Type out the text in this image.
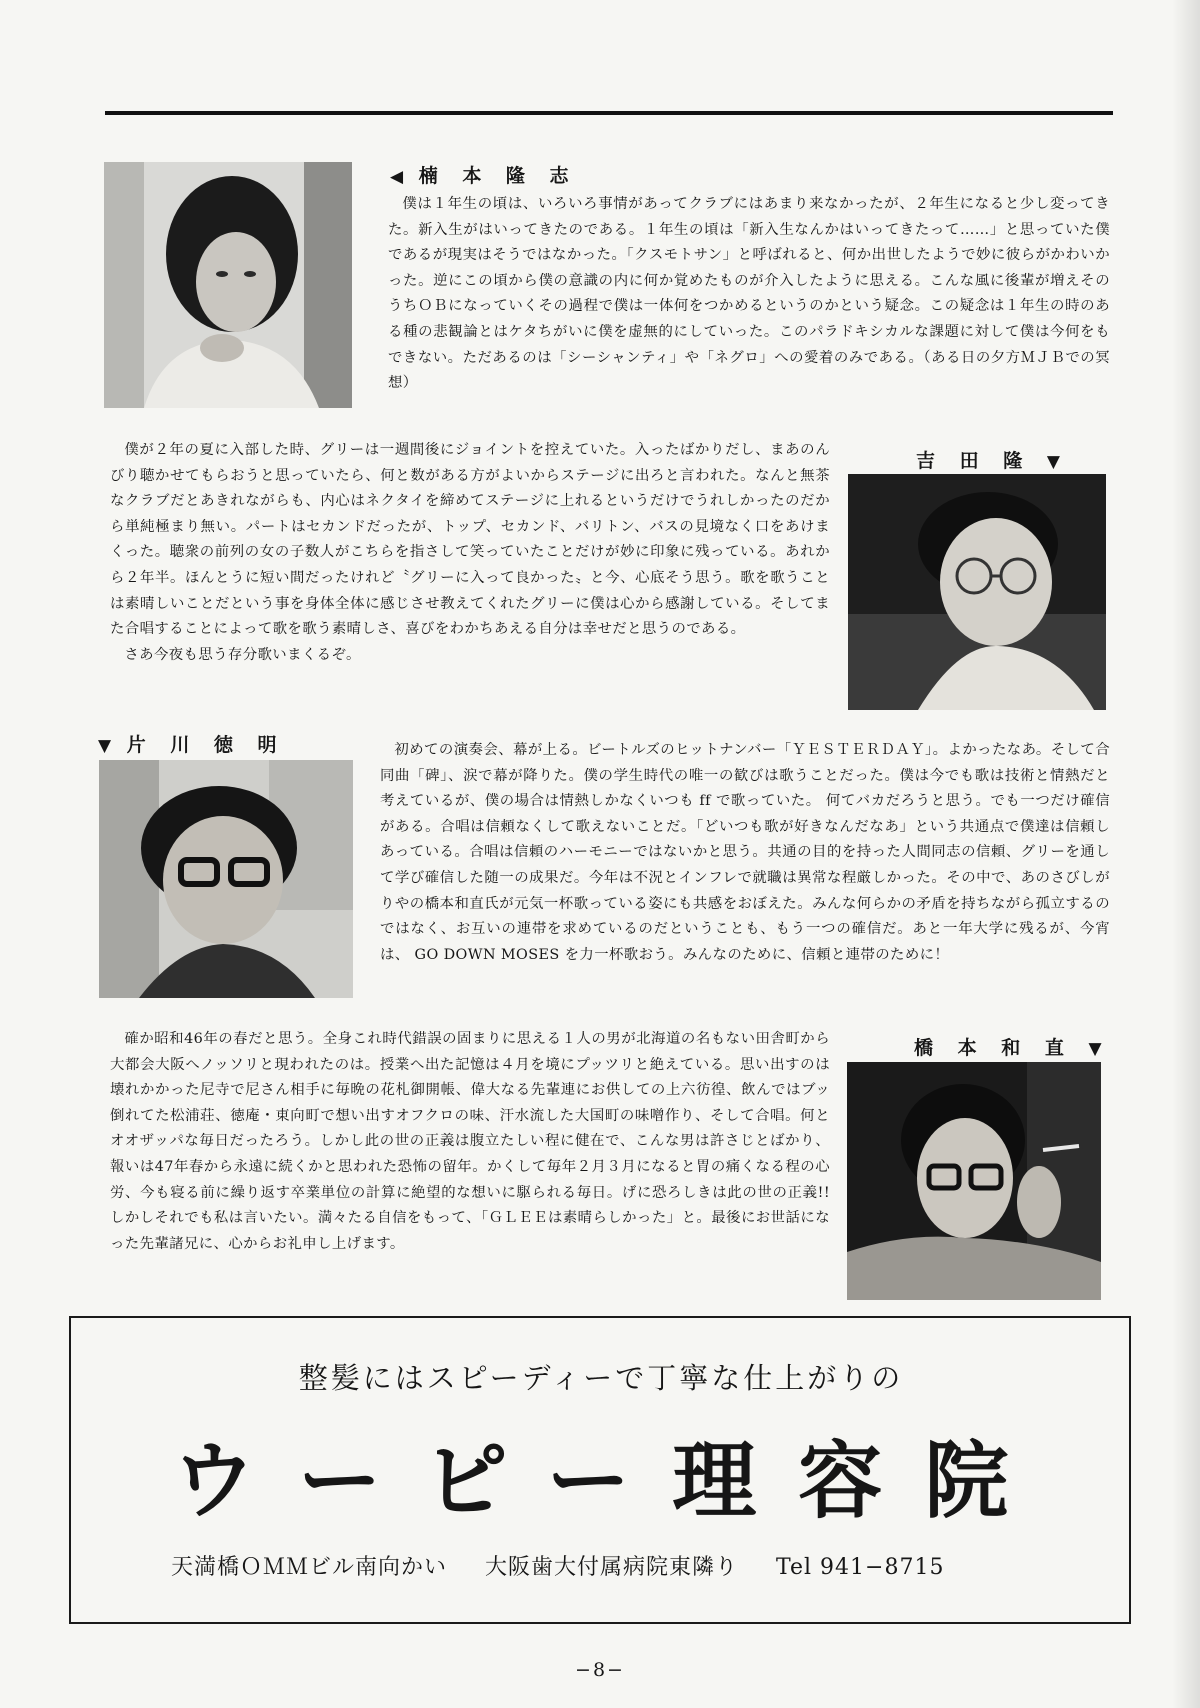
◀ 楠 本 隆 志

僕は１年生の頃は、いろいろ事情があってクラブにはあまり来なかったが、２年生になると少し変ってきた。新入生がはいってきたのである。１年生の頃は「新入生なんかはいってきたって……」と思っていた僕であるが現実はそうではなかった。「クスモトサン」と呼ばれると、何か出世したようで妙に彼らがかわいかった。逆にこの頃から僕の意識の内に何か覚めたものが介入したように思える。こんな風に後輩が増えそのうちＯＢになっていくその過程で僕は一体何をつかめるというのかという疑念。この疑念は１年生の時のある種の悲観論とはケタちがいに僕を虚無的にしていった。このパラドキシカルな課題に対して僕は今何をもできない。ただあるのは「シーシャンティ」や「ネグロ」への愛着のみである。（ある日の夕方ＭＪＢでの冥想）

吉 田 隆 ▼

僕が２年の夏に入部した時、グリーは一週間後にジョイントを控えていた。入ったばかりだし、まあのんびり聴かせてもらおうと思っていたら、何と数がある方がよいからステージに出ろと言われた。なんと無茶なクラブだとあきれながらも、内心はネクタイを締めてステージに上れるというだけでうれしかったのだから単純極まり無い。パートはセカンドだったが、トップ、セカンド、バリトン、バスの見境なく口をあけまくった。聴衆の前列の女の子数人がこちらを指さして笑っていたことだけが妙に印象に残っている。あれから２年半。ほんとうに短い間だったけれど〝グリーに入って良かった〟と今、心底そう思う。歌を歌うことは素晴しいことだという事を身体全体に感じさせ教えてくれたグリーに僕は心から感謝している。そしてまた合唱することによって歌を歌う素晴しさ、喜びをわかちあえる自分は幸せだと思うのである。

さあ今夜も思う存分歌いまくるぞ。

▼ 片 川 徳 明	初めての演奏会、幕が上る。ビートルズのヒットナンバー「ＹＥＳＴＥＲＤＡＹ」。よかったなあ。そして合同曲「碑」、涙で幕が降りた。僕の学生時代の唯一の歓びは歌うことだった。僕は今でも歌は技術と情熱だと考えているが、僕の場合は情熱しかなくいつも ff で歌っていた。 何てバカだろうと思う。でも一つだけ確信がある。合唱は信頼なくして歌えないことだ。「どいつも歌が好きなんだなあ」という共通点で僕達は信頼しあっている。合唱は信頼のハーモニーではないかと思う。共通の目的を持った人間同志の信頼、グリーを通して学び確信した随一の成果だ。今年は不況とインフレで就職は異常な程厳しかった。その中で、あのさびしがりやの橋本和直氏が元気一杯歌っている姿にも共感をおぼえた。みんな何らかの矛盾を持ちながら孤立するのではなく、お互いの連帯を求めているのだということも、もう一つの確信だ。あと一年大学に残るが、今宵は、 GO DOWN MOSES を力一杯歌おう。みんなのために、信頼と連帯のために！

確か昭和46年の春だと思う。全身これ時代錯誤の固まりに思える１人の男が北海道の名もない田舎町から大都会大阪へノッソリと現われたのは。授業へ出た記憶は４月を境にプッツリと絶えている。思い出すのは壊れかかった尼寺で尼さん相手に毎晩の花札御開帳、偉大なる先輩連にお供しての上六彷徨、飲んではブッ倒れてた松浦荘、徳庵・東向町で想い出すオフクロの味、汗水流した大国町の味噌作り、そして合唱。何とオオザッパな毎日だったろう。しかし此の世の正義は腹立たしい程に健在で、こんな男は許さじとばかり、報いは47年春から永遠に続くかと思われた恐怖の留年。かくして毎年２月３月になると胃の痛くなる程の心労、今も寝る前に繰り返す卒業単位の計算に絶望的な想いに駆られる毎日。げに恐ろしきは此の世の正義!! しかしそれでも私は言いたい。満々たる自信をもって、「ＧＬＥＥは素晴らしかった」と。最後にお世話になった先輩諸兄に、心からお礼申し上げます。

橋 本 和 直 ▼

整髪にはスピーディーで丁寧な仕上がりの

ウーピー理容院

天満橋ＯＭＭビル南向かい 大阪歯大付属病院東隣り Tel 941−8715

−8−
